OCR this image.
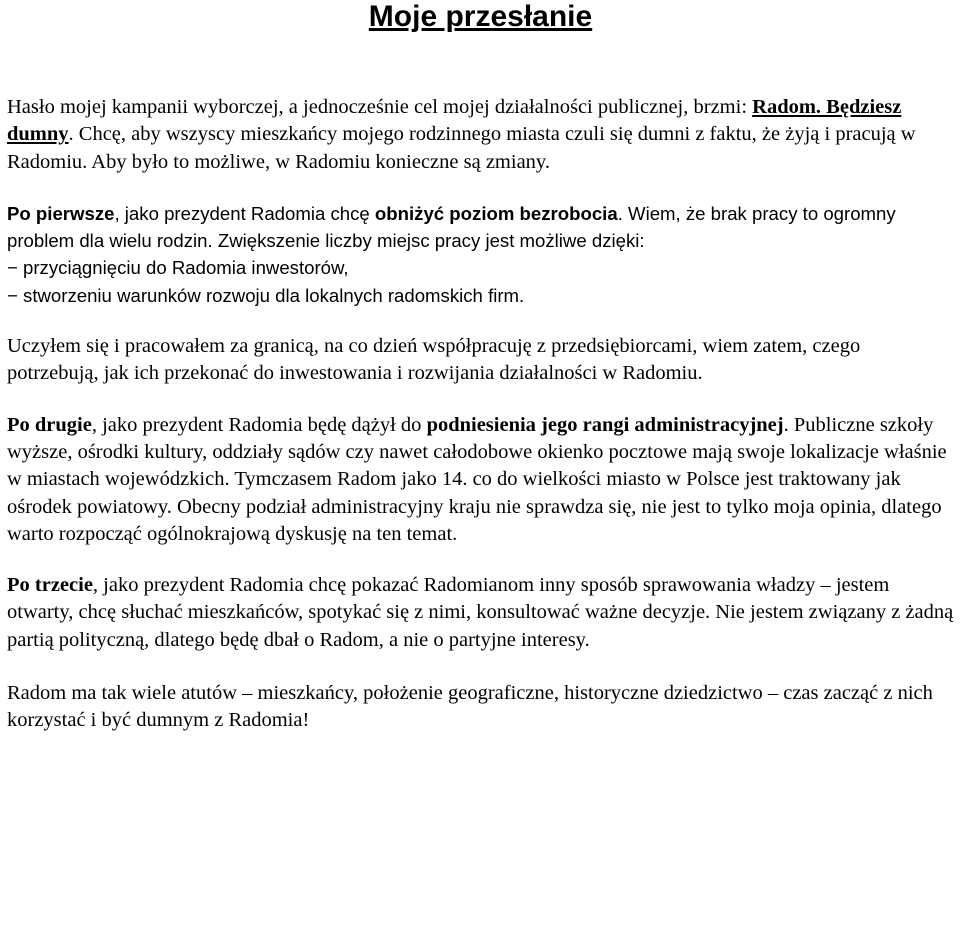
Moje przesłanie

Hasło mojej kampanii wyborczej, a jednocześnie cel mojej działalności publicznej, brzmi: Radom. Będziesz dumny. Chcę, aby wszyscy mieszkańcy mojego rodzinnego miasta czuli się dumni z faktu, że żyją i pracują w Radomiu. Aby było to możliwe, w Radomiu konieczne są zmiany.

Po pierwsze, jako prezydent Radomia chcę obniżyć poziom bezrobocia. Wiem, że brak pracy to ogromny problem dla wielu rodzin. Zwiększenie liczby miejsc pracy jest możliwe dzięki:
− przyciągnięciu do Radomia inwestorów,
− stworzeniu warunków rozwoju dla lokalnych radomskich firm.

Uczyłem się i pracowałem za granicą, na co dzień współpracuję z przedsiębiorcami, wiem zatem, czego potrzebują, jak ich przekonać do inwestowania i rozwijania działalności w Radomiu.

Po drugie, jako prezydent Radomia będę dążył do podniesienia jego rangi administracyjnej. Publiczne szkoły wyższe, ośrodki kultury, oddziały sądów czy nawet całodobowe okienko pocztowe mają swoje lokalizacje właśnie w miastach wojewódzkich. Tymczasem Radom jako 14. co do wielkości miasto w Polsce jest traktowany jak ośrodek powiatowy. Obecny podział administracyjny kraju nie sprawdza się, nie jest to tylko moja opinia, dlatego warto rozpocząć ogólnokrajową dyskusję na ten temat.

Po trzecie, jako prezydent Radomia chcę pokazać Radomianom inny sposób sprawowania władzy – jestem otwarty, chcę słuchać mieszkańców, spotykać się z nimi, konsultować ważne decyzje. Nie jestem związany z żadną partią polityczną, dlatego będę dbał o Radom, a nie o partyjne interesy.

Radom ma tak wiele atutów – mieszkańcy, położenie geograficzne, historyczne dziedzictwo – czas zacząć z nich korzystać i być dumnym z Radomia!
